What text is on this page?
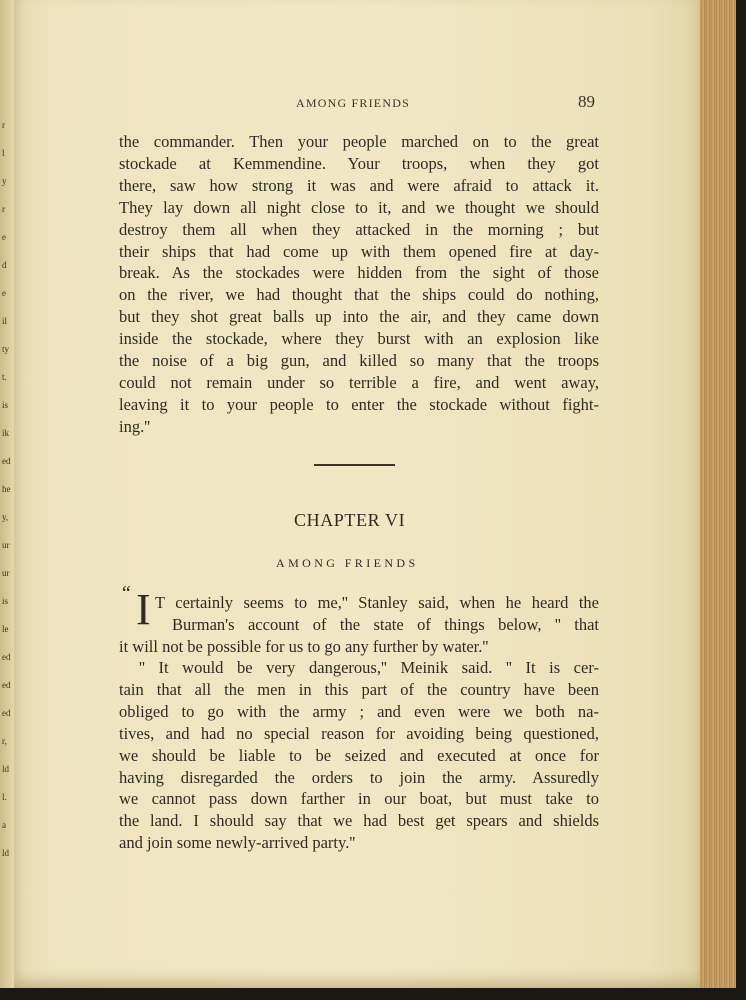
r
l
y
r
e
d
e
il
ty
t.
is
ik
ed
he
y,
ur
ur
is
le
ed
ed
ed
r,
ld
l.
a
ld
AMONG FRIENDS	89
the commander. Then your people marched on to the great
stockade at Kemmendine. Your troops, when they got
there, saw how strong it was and were afraid to attack it.
They lay down all night close to it, and we thought we should
destroy them all when they attacked in the morning ; but
their ships that had come up with them opened fire at day-
break. As the stockades were hidden from the sight of those
on the river, we had thought that the ships could do nothing,
but they shot great balls up into the air, and they came down
inside the stockade, where they burst with an explosion like
the noise of a big gun, and killed so many that the troops
could not remain under so terrible a fire, and went away,
leaving it to your people to enter the stockade without fight-
ing.''
CHAPTER VI
AMONG FRIENDS
“ I T certainly seems to me,'' Stanley said, when he heard the
Burman's account of the state of things below, '' that
it will not be possible for us to go any further by water.''
'' It would be very dangerous,'' Meinik said. '' It is cer-
tain that all the men in this part of the country have been
obliged to go with the army ; and even were we both na-
tives, and had no special reason for avoiding being questioned,
we should be liable to be seized and executed at once for
having disregarded the orders to join the army. Assuredly
we cannot pass down farther in our boat, but must take to
the land. I should say that we had best get spears and shields
and join some newly-arrived party.''
